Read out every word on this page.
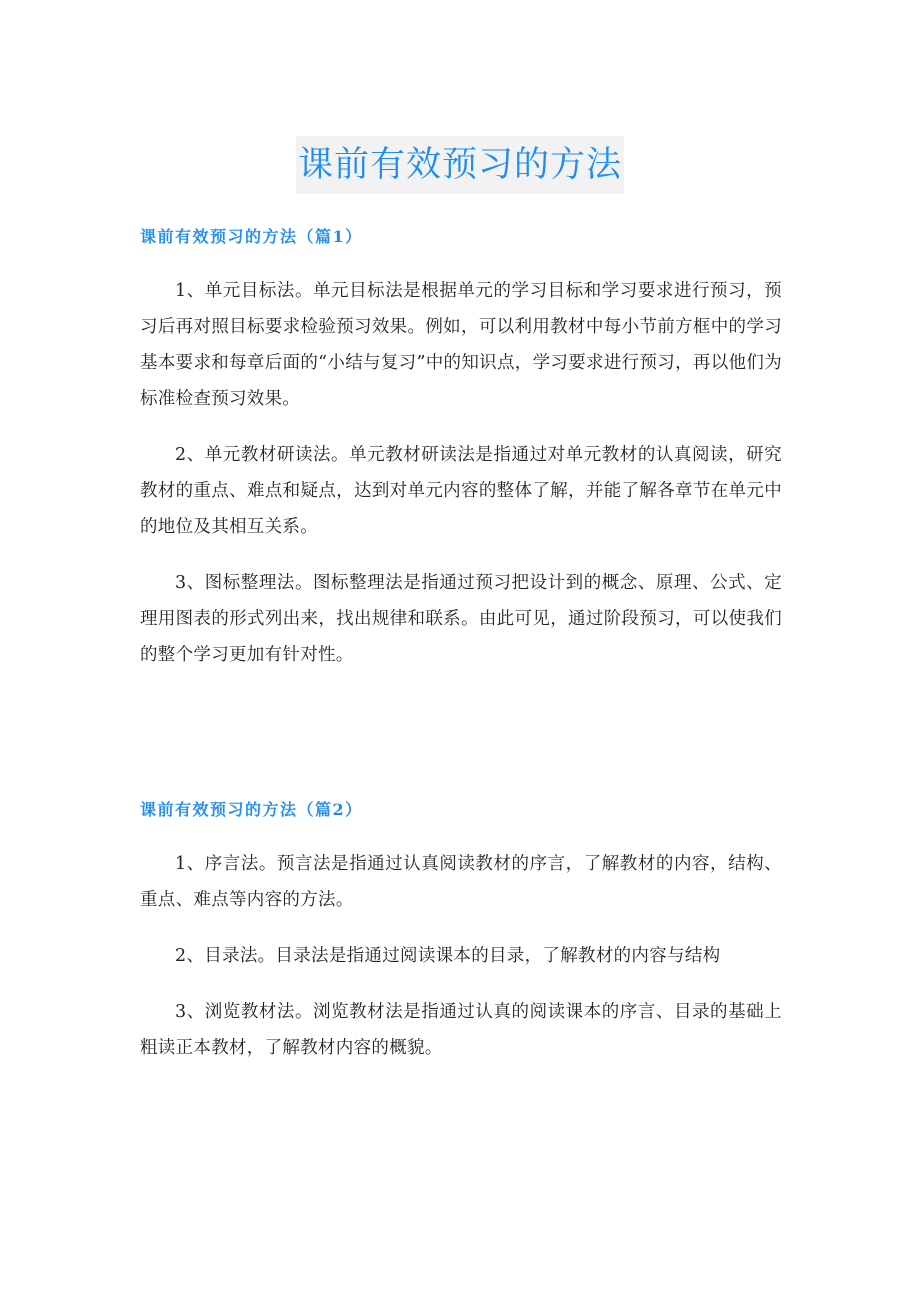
课前有效预习的方法
课前有效预习的方法（篇1）

1、单元目标法。单元目标法是根据单元的学习目标和学习要求进行预习，预习后再对照目标要求检验预习效果。例如，可以利用教材中每小节前方框中的学习基本要求和每章后面的“小结与复习”中的知识点，学习要求进行预习，再以他们为标准检查预习效果。

2、单元教材研读法。单元教材研读法是指通过对单元教材的认真阅读，研究教材的重点、难点和疑点，达到对单元内容的整体了解，并能了解各章节在单元中的地位及其相互关系。

3、图标整理法。图标整理法是指通过预习把设计到的概念、原理、公式、定理用图表的形式列出来，找出规律和联系。由此可见，通过阶段预习，可以使我们的整个学习更加有针对性。

课前有效预习的方法（篇2）

1、序言法。预言法是指通过认真阅读教材的序言，了解教材的内容，结构、重点、难点等内容的方法。

2、目录法。目录法是指通过阅读课本的目录，了解教材的内容与结构

3、浏览教材法。浏览教材法是指通过认真的阅读课本的序言、目录的基础上粗读正本教材，了解教材内容的概貌。
